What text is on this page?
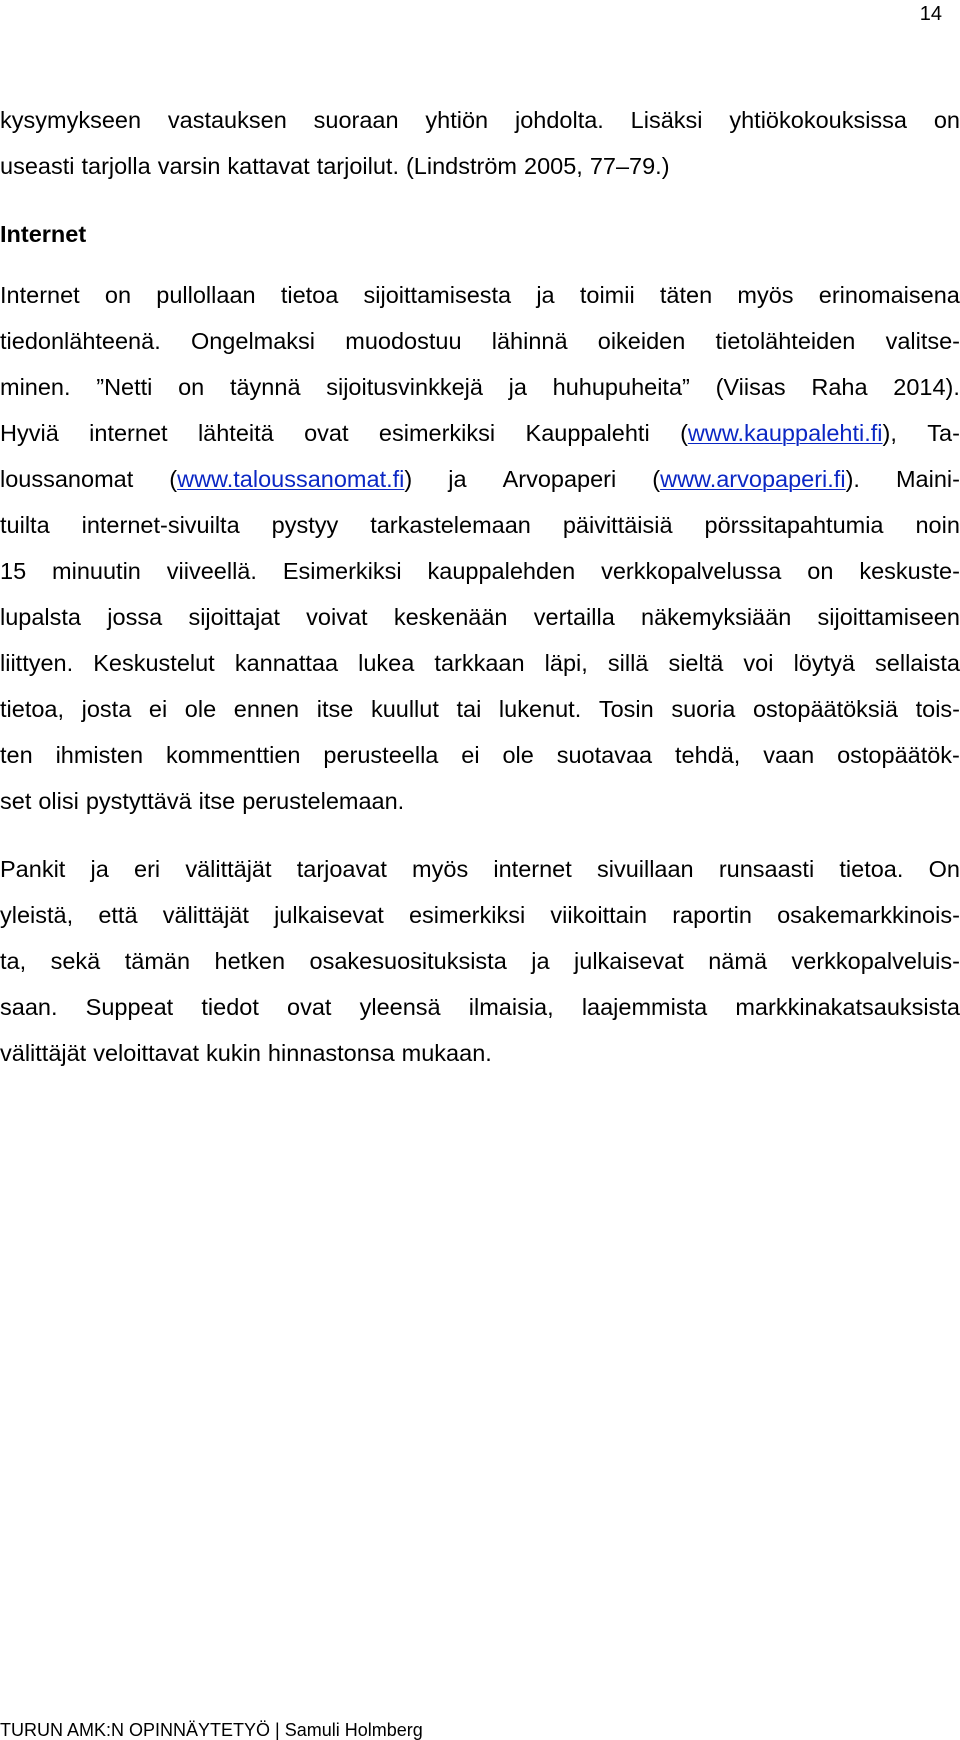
14
kysymykseen vastauksen suoraan yhtiön johdolta. Lisäksi yhtiökokouksissa on
useasti tarjolla varsin kattavat tarjoilut. (Lindström 2005, 77–79.)
Internet
Internet on pullollaan tietoa sijoittamisesta ja toimii täten myös erinomaisena
tiedonlähteenä. Ongelmaksi muodostuu lähinnä oikeiden tietolähteiden valitse-
minen. ”Netti on täynnä sijoitusvinkkejä ja huhupuheita” (Viisas Raha 2014).
Hyviä internet lähteitä ovat esimerkiksi Kauppalehti (www.kauppalehti.fi), Ta-
loussanomat (www.taloussanomat.fi) ja Arvopaperi (www.arvopaperi.fi). Maini-
tuilta internet-sivuilta pystyy tarkastelemaan päivittäisiä pörssitapahtumia noin
15 minuutin viiveellä. Esimerkiksi kauppalehden verkkopalvelussa on keskuste-
lupalsta jossa sijoittajat voivat keskenään vertailla näkemyksiään sijoittamiseen
liittyen. Keskustelut kannattaa lukea tarkkaan läpi, sillä sieltä voi löytyä sellaista
tietoa, josta ei ole ennen itse kuullut tai lukenut. Tosin suoria ostopäätöksiä tois-
ten ihmisten kommenttien perusteella ei ole suotavaa tehdä, vaan ostopäätök-
set olisi pystyttävä itse perustelemaan.
Pankit ja eri välittäjät tarjoavat myös internet sivuillaan runsaasti tietoa. On
yleistä, että välittäjät julkaisevat esimerkiksi viikoittain raportin osakemarkkinois-
ta, sekä tämän hetken osakesuosituksista ja julkaisevat nämä verkkopalveluis-
saan. Suppeat tiedot ovat yleensä ilmaisia, laajemmista markkinakatsauksista
välittäjät veloittavat kukin hinnastonsa mukaan.
TURUN AMK:N OPINNÄYTETYÖ | Samuli Holmberg
